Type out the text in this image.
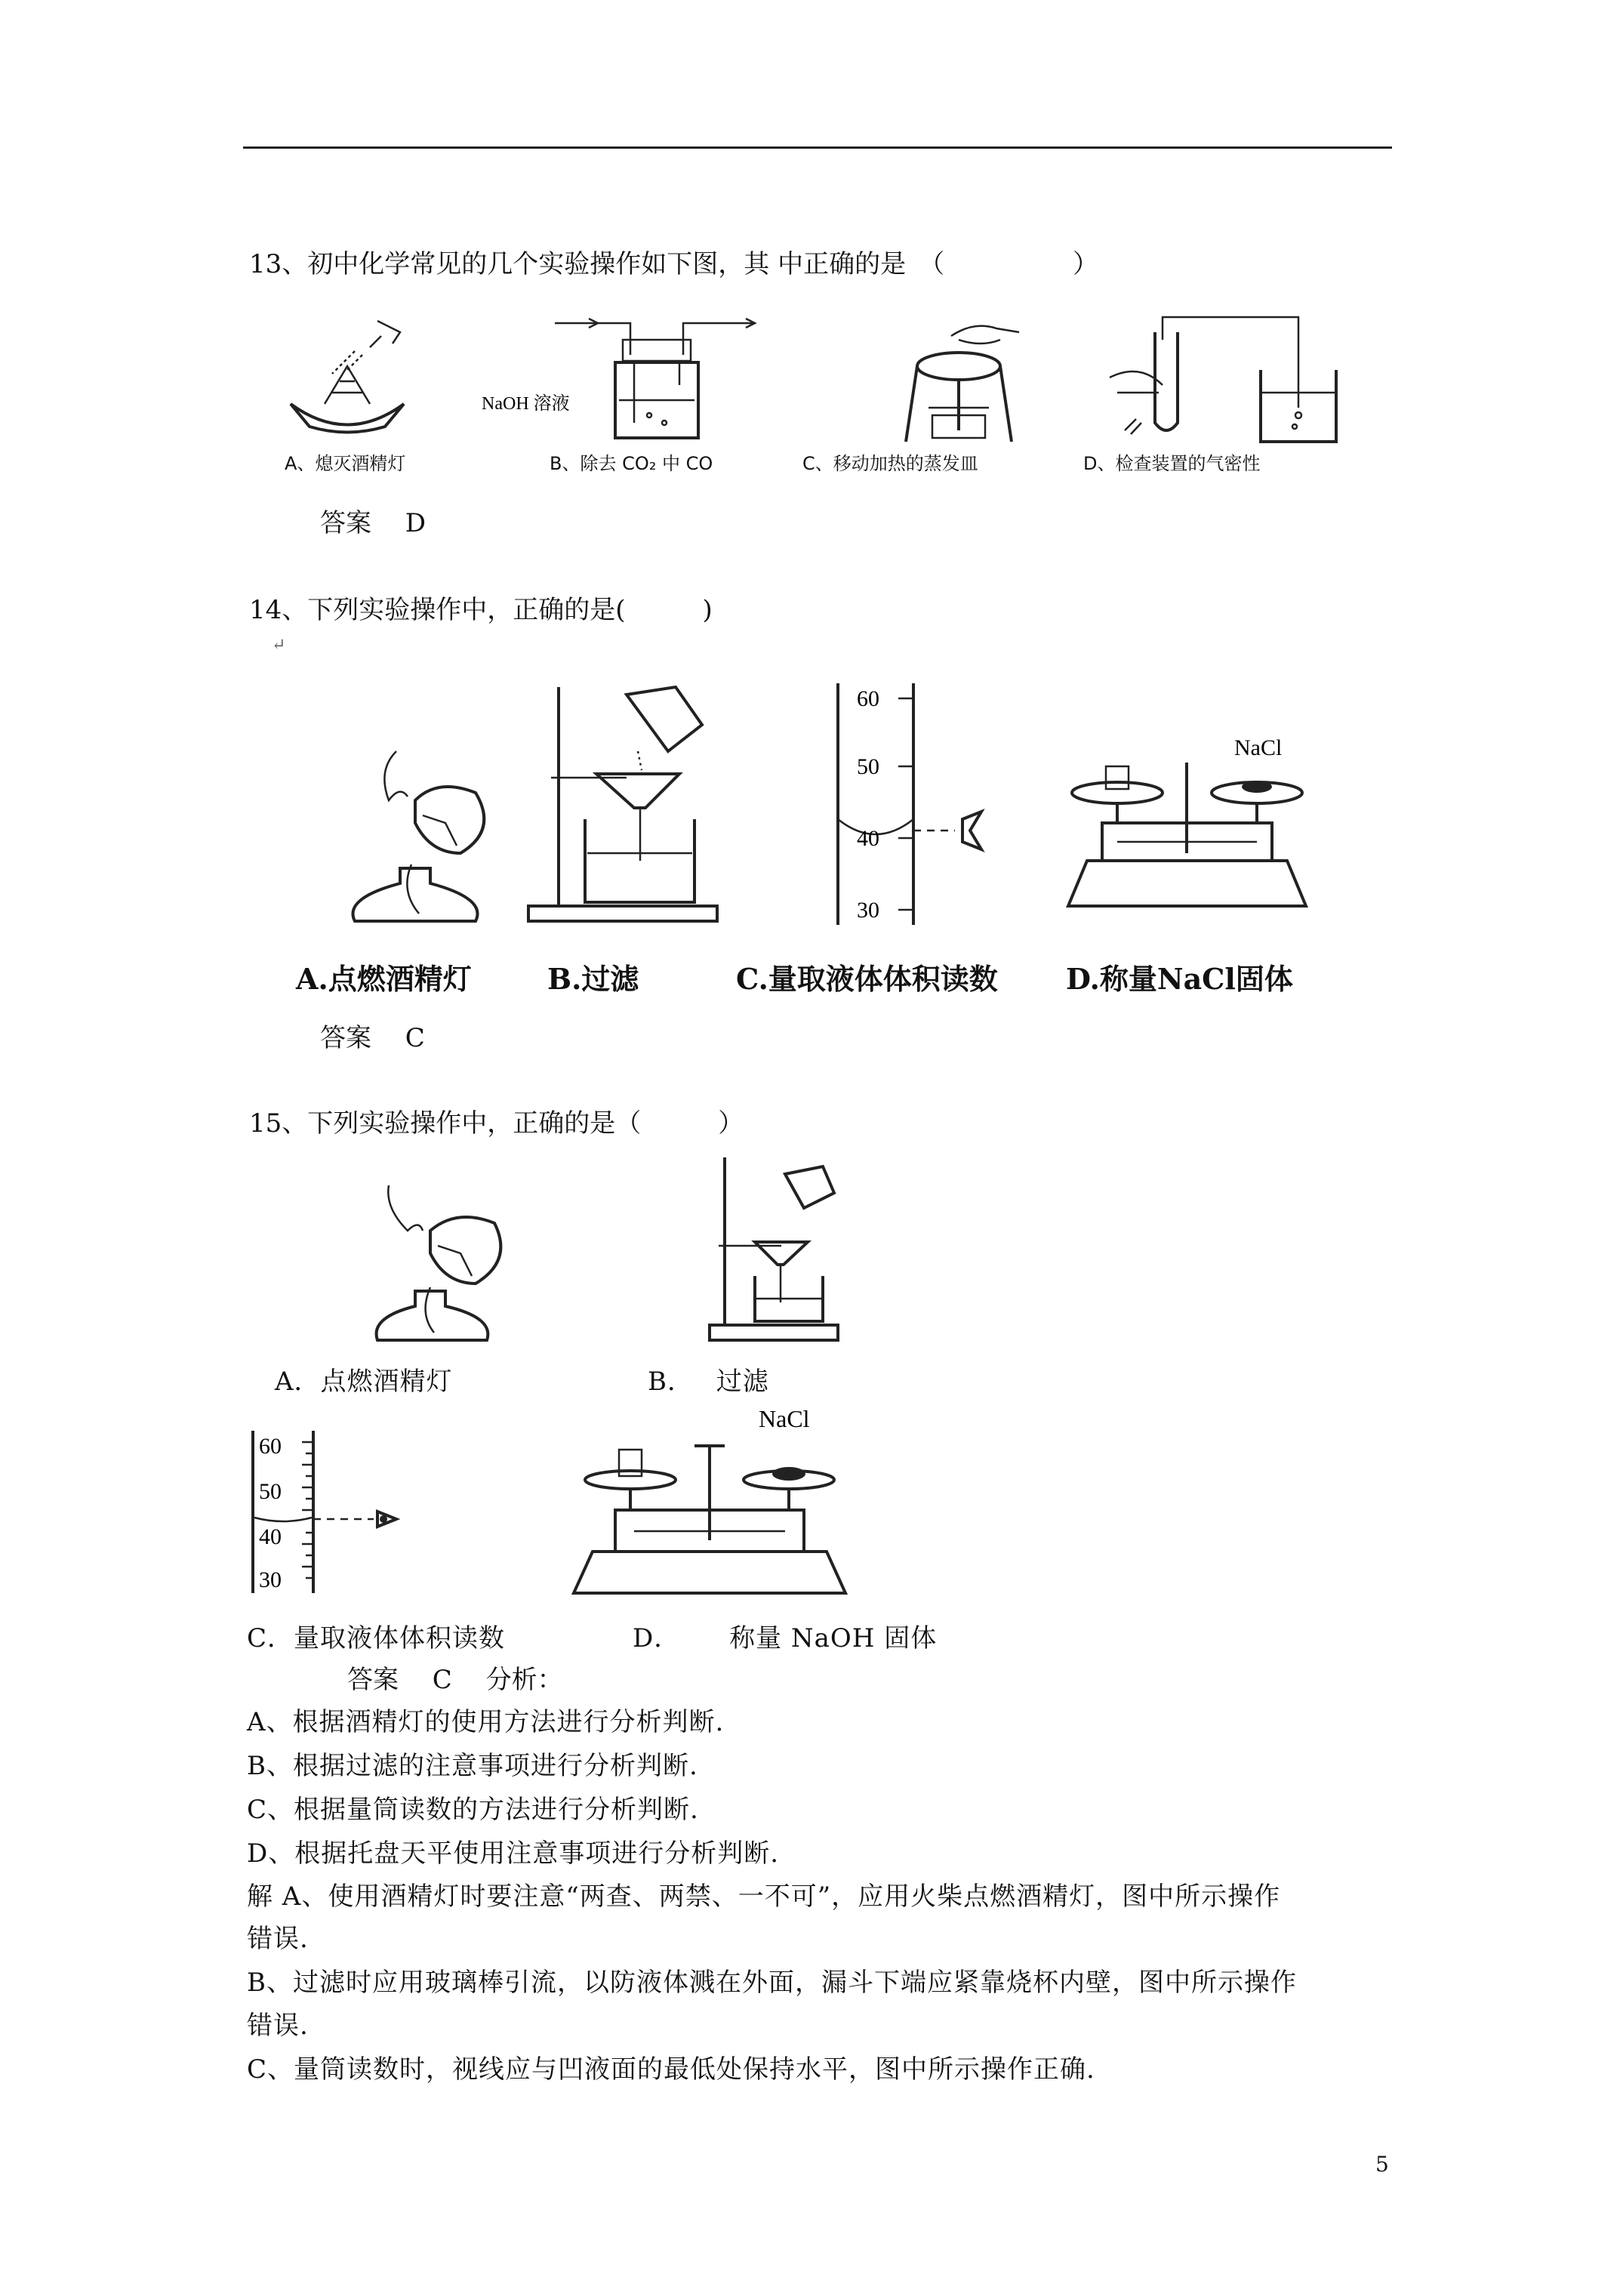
13、初中化学常见的几个实验操作如下图，其 中正确的是　（　　　　　）
NaOH 溶液
A、熄灭酒精灯	B、除去 CO₂ 中 CO	C、移动加热的蒸发皿	D、检查装置的气密性
答案　 D
14、下列实验操作中，正确的是(　　　)
↵
60
50
40
30
NaCl
A.点燃酒精灯	B.过滤	C.量取液体体积读数 D.称量NaCl固体
答案　 C
15、下列实验操作中，正确的是（　　　）
A．点燃酒精灯	B．　 过滤
60
50
40
30
NaCl
C．量取液体体积读数	D．　　 称量 NaOH 固体
答案　 C　 分析：
A、根据酒精灯的使用方法进行分析判断.
B、根据过滤的注意事项进行分析判断.
C、根据量筒读数的方法进行分析判断.
D、根据托盘天平使用注意事项进行分析判断.
解 A、使用酒精灯时要注意“两查、两禁、一不可”，应用火柴点燃酒精灯，图中所示操作
错误.
B、过滤时应用玻璃棒引流，以防液体溅在外面，漏斗下端应紧靠烧杯内壁，图中所示操作
错误.
C、量筒读数时，视线应与凹液面的最低处保持水平，图中所示操作正确.
5
